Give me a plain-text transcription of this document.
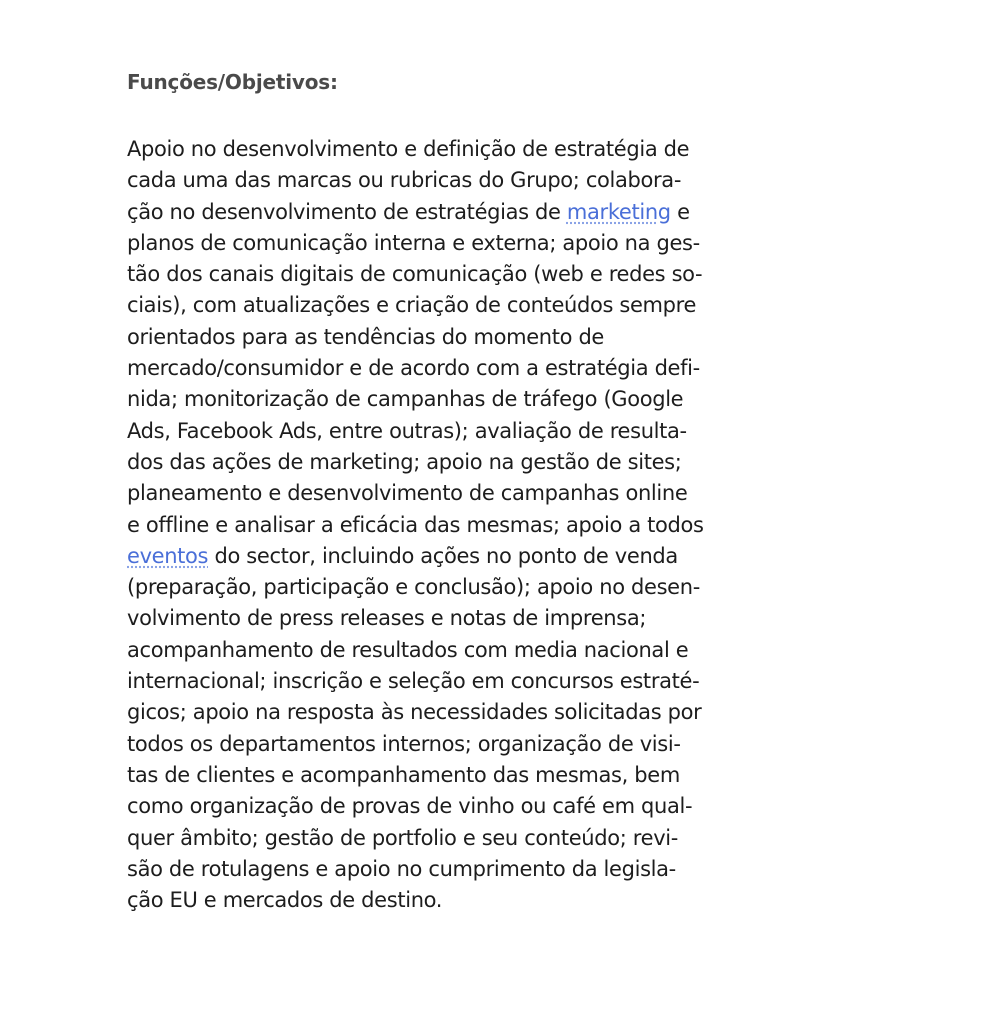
Funções/Objetivos:

Apoio no desenvolvimento e definição de estratégia de
cada uma das marcas ou rubricas do Grupo; colabora-
ção no desenvolvimento de estratégias de marketing e
planos de comunicação interna e externa; apoio na ges-
tão dos canais digitais de comunicação (web e redes so-
ciais), com atualizações e criação de conteúdos sempre
orientados para as tendências do momento de
mercado/consumidor e de acordo com a estratégia defi-
nida; monitorização de campanhas de tráfego (Google
Ads, Facebook Ads, entre outras); avaliação de resulta-
dos das ações de marketing; apoio na gestão de sites;
planeamento e desenvolvimento de campanhas online
e offline e analisar a eficácia das mesmas; apoio a todos
eventos do sector, incluindo ações no ponto de venda
(preparação, participação e conclusão); apoio no desen-
volvimento de press releases e notas de imprensa;
acompanhamento de resultados com media nacional e
internacional; inscrição e seleção em concursos estraté-
gicos; apoio na resposta às necessidades solicitadas por
todos os departamentos internos; organização de visi-
tas de clientes e acompanhamento das mesmas, bem
como organização de provas de vinho ou café em qual-
quer âmbito; gestão de portfolio e seu conteúdo; revi-
são de rotulagens e apoio no cumprimento da legisla-
ção EU e mercados de destino.
